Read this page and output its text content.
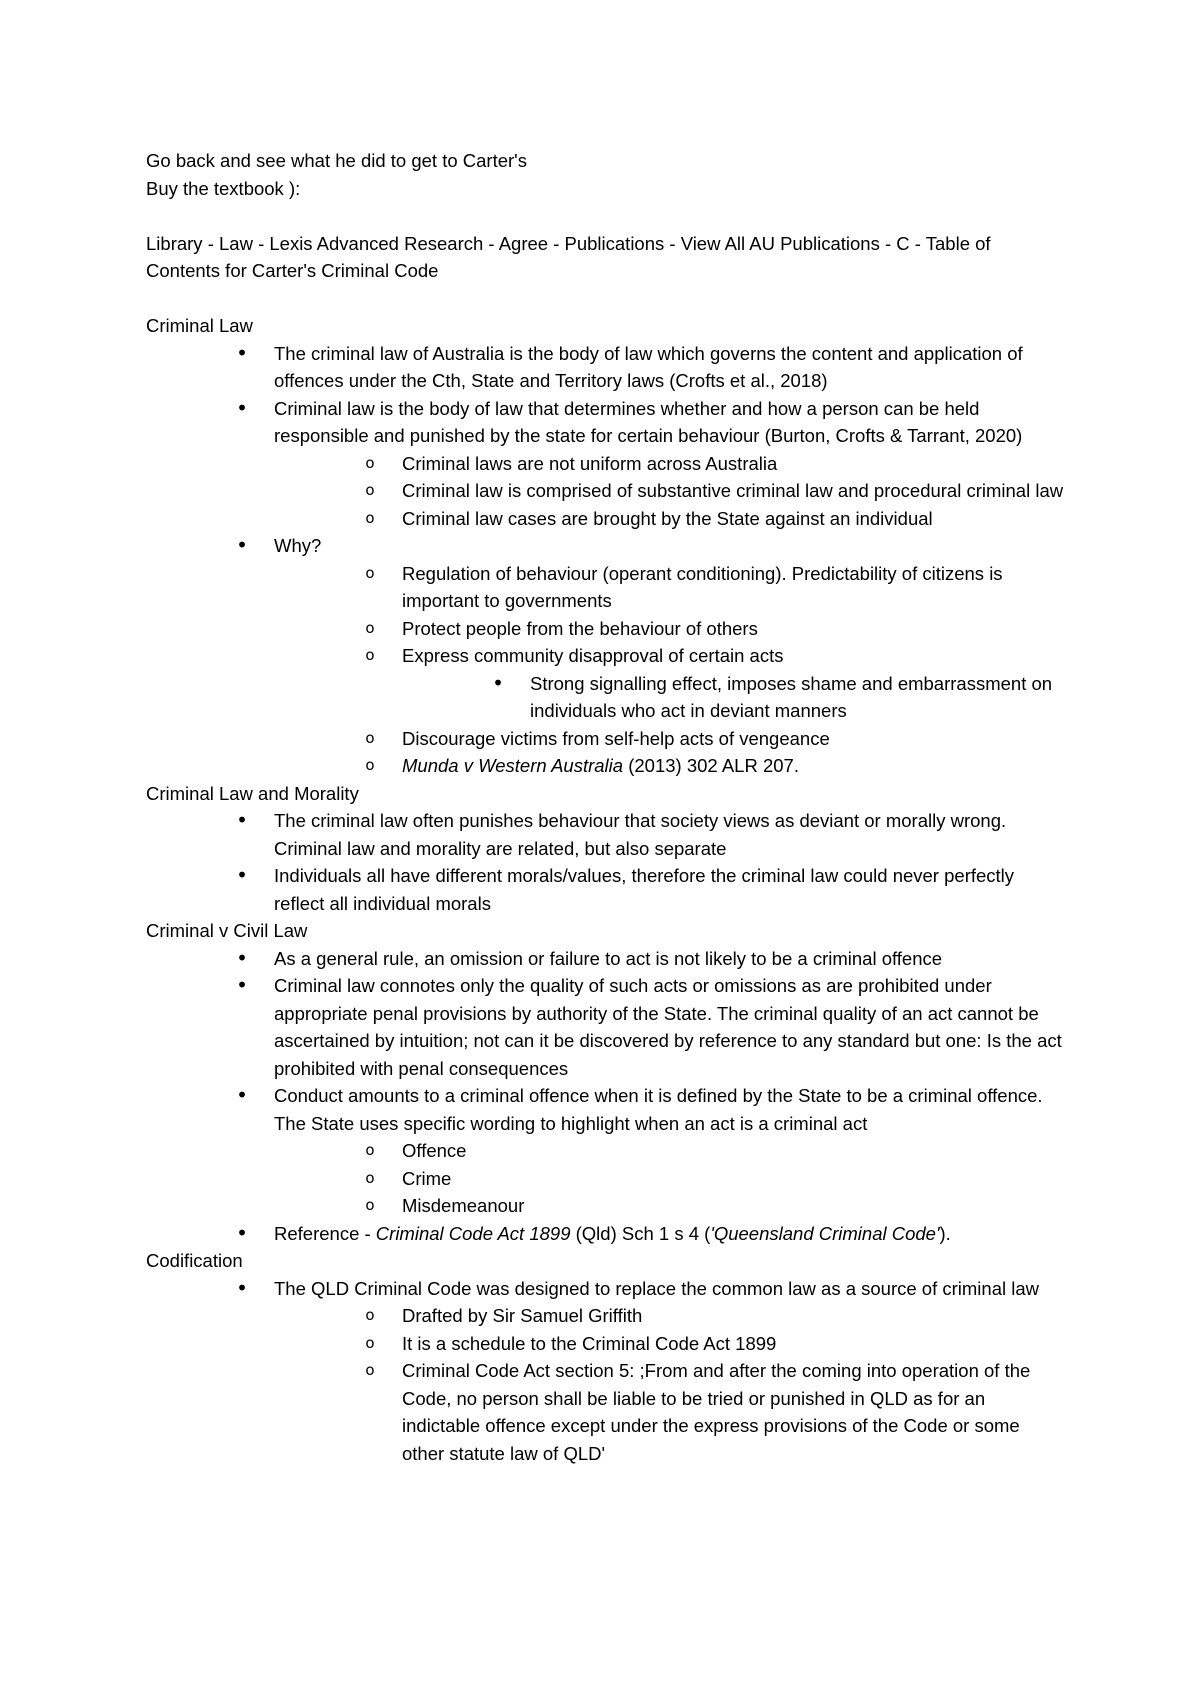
Go back and see what he did to get to Carter's

Buy the textbook ):

Library - Law - Lexis Advanced Research - Agree - Publications - View All AU Publications - C - Table of Contents for Carter's Criminal Code

Criminal Law

• The criminal law of Australia is the body of law which governs the content and application of offences under the Cth, State and Territory laws (Crofts et al., 2018)
• Criminal law is the body of law that determines whether and how a person can be held responsible and punished by the state for certain behaviour (Burton, Crofts & Tarrant, 2020)
o Criminal laws are not uniform across Australia
o Criminal law is comprised of substantive criminal law and procedural criminal law
o Criminal law cases are brought by the State against an individual
• Why?
o Regulation of behaviour (operant conditioning). Predictability of citizens is important to governments
o Protect people from the behaviour of others
o Express community disapproval of certain acts
• Strong signalling effect, imposes shame and embarrassment on individuals who act in deviant manners
o Discourage victims from self-help acts of vengeance
o Munda v Western Australia (2013) 302 ALR 207.

Criminal Law and Morality

• The criminal law often punishes behaviour that society views as deviant or morally wrong. Criminal law and morality are related, but also separate
• Individuals all have different morals/values, therefore the criminal law could never perfectly reflect all individual morals

Criminal v Civil Law

• As a general rule, an omission or failure to act is not likely to be a criminal offence
• Criminal law connotes only the quality of such acts or omissions as are prohibited under appropriate penal provisions by authority of the State. The criminal quality of an act cannot be ascertained by intuition; not can it be discovered by reference to any standard but one: Is the act prohibited with penal consequences
• Conduct amounts to a criminal offence when it is defined by the State to be a criminal offence. The State uses specific wording to highlight when an act is a criminal act
o Offence
o Crime
o Misdemeanour
• Reference - Criminal Code Act 1899 (Qld) Sch 1 s 4 ('Queensland Criminal Code').

Codification

• The QLD Criminal Code was designed to replace the common law as a source of criminal law
o Drafted by Sir Samuel Griffith
o It is a schedule to the Criminal Code Act 1899
o Criminal Code Act section 5: ;From and after the coming into operation of the Code, no person shall be liable to be tried or punished in QLD as for an indictable offence except under the express provisions of the Code or some other statute law of QLD'
